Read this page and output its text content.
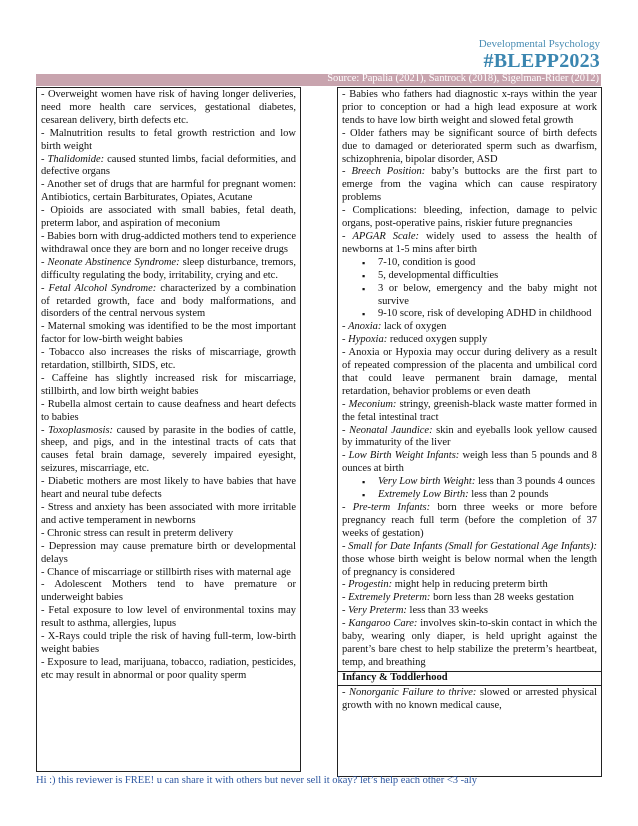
Developmental Psychology
#BLEPP2023
Source: Papalia (2021), Santrock (2018), Sigelman-Rider (2012)

- Overweight women have risk of having longer deliveries, need more health care services, gestational diabetes, cesarean delivery, birth defects etc.

- Malnutrition results to fetal growth restriction and low birth weight

- Thalidomide: caused stunted limbs, facial deformities, and defective organs

- Another set of drugs that are harmful for pregnant women: Antibiotics, certain Barbiturates, Opiates, Acutane

- Opioids are associated with small babies, fetal death, preterm labor, and aspiration of meconium

- Babies born with drug-addicted mothers tend to experience withdrawal once they are born and no longer receive drugs

- Neonate Abstinence Syndrome: sleep disturbance, tremors, difficulty regulating the body, irritability, crying and etc.

- Fetal Alcohol Syndrome: characterized by a combination of retarded growth, face and body malformations, and disorders of the central nervous system

- Maternal smoking was identified to be the most important factor for low-birth weight babies

- Tobacco also increases the risks of miscarriage, growth retardation, stillbirth, SIDS, etc.

- Caffeine has slightly increased risk for miscarriage, stillbirth, and low birth weight babies

- Rubella almost certain to cause deafness and heart defects to babies

- Toxoplasmosis: caused by parasite in the bodies of cattle, sheep, and pigs, and in the intestinal tracts of cats that causes fetal brain damage, severely impaired eyesight, seizures, miscarriage, etc.

- Diabetic mothers are most likely to have babies that have heart and neural tube defects

- Stress and anxiety has been associated with more irritable and active temperament in newborns

- Chronic stress can result in preterm delivery

- Depression may cause premature birth or developmental delays

- Chance of miscarriage or stillbirth rises with maternal age

- Adolescent Mothers tend to have premature or underweight babies

- Fetal exposure to low level of environmental toxins may result to asthma, allergies, lupus

- X-Rays could triple the risk of having full-term, low-birth weight babies

- Exposure to lead, marijuana, tobacco, radiation, pesticides, etc may result in abnormal or poor quality sperm

- Babies who fathers had diagnostic x-rays within the year prior to conception or had a high lead exposure at work tends to have low birth weight and slowed fetal growth

- Older fathers may be significant source of birth defects due to damaged or deteriorated sperm such as dwarfism, schizophrenia, bipolar disorder, ASD

- Breech Position: baby’s buttocks are the first part to emerge from the vagina which can cause respiratory problems

- Complications: bleeding, infection, damage to pelvic organs, post-operative pains, riskier future pregnancies

- APGAR Scale: widely used to assess the health of newborns at 1-5 mins after birth

▪ 7-10, condition is good
▪ 5, developmental difficulties
▪ 3 or below, emergency and the baby might not survive
▪ 9-10 score, risk of developing ADHD in childhood

- Anoxia: lack of oxygen

- Hypoxia: reduced oxygen supply

- Anoxia or Hypoxia may occur during delivery as a result of repeated compression of the placenta and umbilical cord that could leave permanent brain damage, mental retardation, behavior problems or even death

- Meconium: stringy, greenish-black waste matter formed in the fetal intestinal tract

- Neonatal Jaundice: skin and eyeballs look yellow caused by immaturity of the liver

- Low Birth Weight Infants: weigh less than 5 pounds and 8 ounces at birth

▪ Very Low birth Weight: less than 3 pounds 4 ounces
▪ Extremely Low Birth: less than 2 pounds

- Pre-term Infants: born three weeks or more before pregnancy reach full term (before the completion of 37 weeks of gestation)

- Small for Date Infants (Small for Gestational Age Infants): those whose birth weight is below normal when the length of pregnancy is considered

- Progestin: might help in reducing preterm birth

- Extremely Preterm: born less than 28 weeks gestation

- Very Preterm: less than 33 weeks

- Kangaroo Care: involves skin-to-skin contact in which the baby, wearing only diaper, is held upright against the parent’s bare chest to help stabilize the preterm’s heartbeat, temp, and breathing

Infancy & Toddlerhood

- Nonorganic Failure to thrive: slowed or arrested physical growth with no known medical cause,

Hi :) this reviewer is FREE! u can share it with others but never sell it okay? let’s help each other <3 -aly
